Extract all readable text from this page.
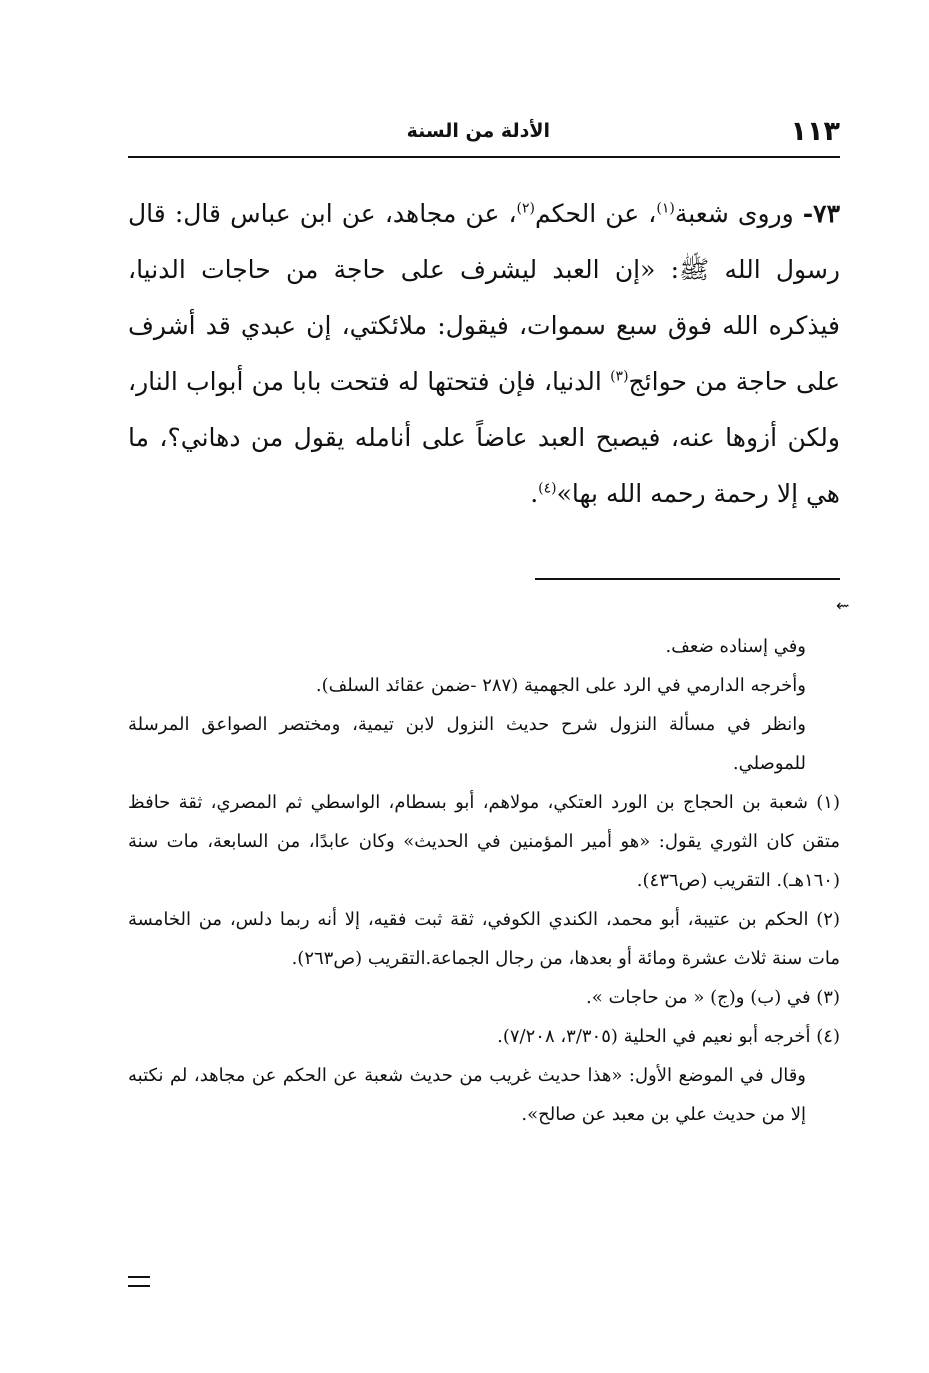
١١٣
الأدلة من السنة

٧٣- وروى شعبة$^{(١)}$، عن الحكم$^{(٢)}$، عن مجاهد، عن ابن عباس قال: قال رسول الله ﷺ: «إن العبد ليشرف على حاجة من حاجات الدنيا، فيذكره الله فوق سبع سموات، فيقول: ملائكتي، إن عبدي قد أشرف على حاجة من حوائج$^{(٣)}$ الدنيا، فإن فتحتها له فتحت بابا من أبواب النار، ولكن أزوها عنه، فيصبح العبد عاضاً على أنامله يقول من دهاني؟، ما هي إلا رحمة رحمه الله بها»$^{(٤)}$.

⇜

وفي إسناده ضعف.

وأخرجه الدارمي في الرد على الجهمية (٢٨٧ -ضمن عقائد السلف).

وانظر في مسألة النزول شرح حديث النزول لابن تيمية، ومختصر الصواعق المرسلة للموصلي.

(١) شعبة بن الحجاج بن الورد العتكي، مولاهم، أبو بسطام، الواسطي ثم المصري، ثقة حافظ متقن كان الثوري يقول: «هو أمير المؤمنين في الحديث» وكان عابدًا، من السابعة، مات سنة (١٦٠هـ). التقريب (ص٤٣٦).

(٢) الحكم بن عتيبة، أبو محمد، الكندي الكوفي، ثقة ثبت فقيه، إلا أنه ربما دلس، من الخامسة مات سنة ثلاث عشرة ومائة أو بعدها، من رجال الجماعة.التقريب (ص٢٦٣).

(٣) في (ب) و(ج) « من حاجات ».

(٤) أخرجه أبو نعيم في الحلية (٣/٣٠٥، ٧/٢٠٨).

وقال في الموضع الأول: «هذا حديث غريب من حديث شعبة عن الحكم عن مجاهد، لم نكتبه إلا من حديث علي بن معبد عن صالح».
